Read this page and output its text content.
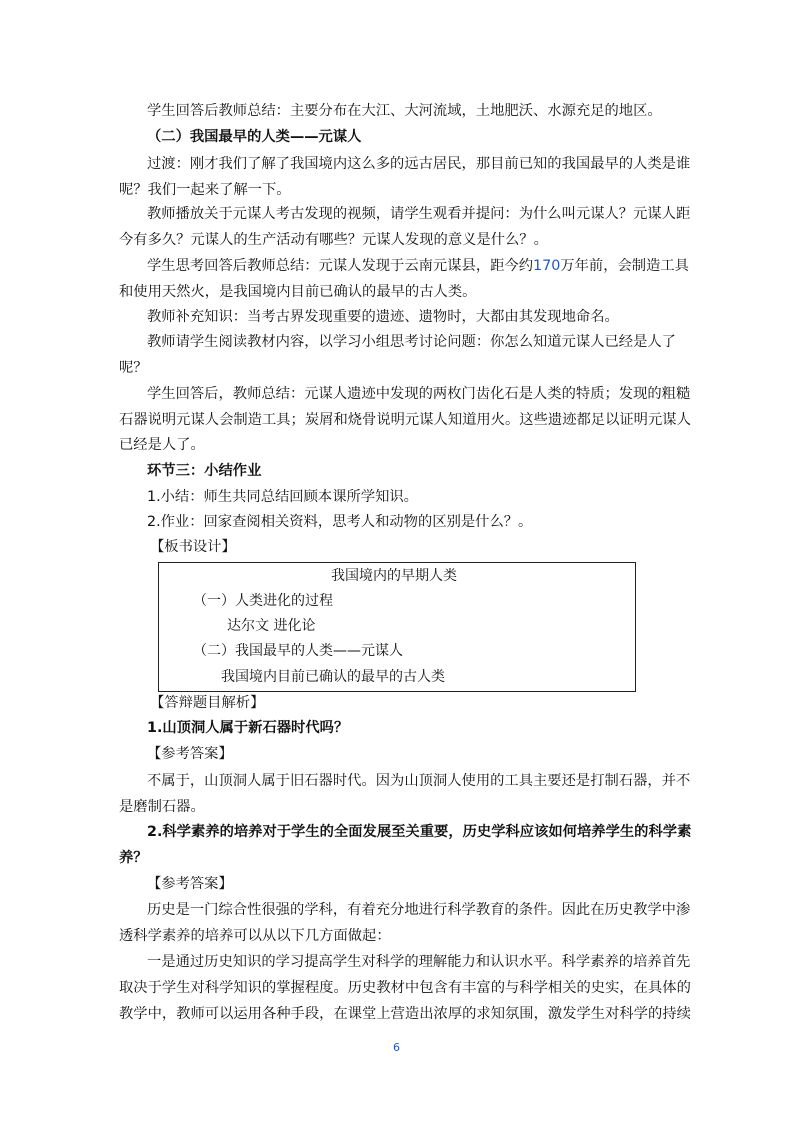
学生回答后教师总结：主要分布在大江、大河流域，土地肥沃、水源充足的地区。
（二）我国最早的人类——元谋人
过渡：刚才我们了解了我国境内这么多的远古居民，那目前已知的我国最早的人类是谁
呢？我们一起来了解一下。
教师播放关于元谋人考古发现的视频，请学生观看并提问：为什么叫元谋人？元谋人距
今有多久？元谋人的生产活动有哪些？元谋人发现的意义是什么？。
学生思考回答后教师总结：元谋人发现于云南元谋县，距今约170万年前，会制造工具
和使用天然火，是我国境内目前已确认的最早的古人类。
教师补充知识：当考古界发现重要的遗迹、遗物时，大都由其发现地命名。
教师请学生阅读教材内容，以学习小组思考讨论问题：你怎么知道元谋人已经是人了
呢？
学生回答后，教师总结：元谋人遗迹中发现的两枚门齿化石是人类的特质；发现的粗糙
石器说明元谋人会制造工具；炭屑和烧骨说明元谋人知道用火。这些遗迹都足以证明元谋人
已经是人了。
环节三：小结作业
1.小结：师生共同总结回顾本课所学知识。
2.作业：回家查阅相关资料，思考人和动物的区别是什么？。
【板书设计】
我国境内的早期人类
（一）人类进化的过程
达尔文 进化论
（二）我国最早的人类——元谋人
我国境内目前已确认的最早的古人类
【答辩题目解析】
1.山顶洞人属于新石器时代吗？
【参考答案】
不属于，山顶洞人属于旧石器时代。因为山顶洞人使用的工具主要还是打制石器，并不
是磨制石器。
2.科学素养的培养对于学生的全面发展至关重要，历史学科应该如何培养学生的科学素
养？
【参考答案】
历史是一门综合性很强的学科，有着充分地进行科学教育的条件。因此在历史教学中渗
透科学素养的培养可以从以下几方面做起：
一是通过历史知识的学习提高学生对科学的理解能力和认识水平。科学素养的培养首先
取决于学生对科学知识的掌握程度。历史教材中包含有丰富的与科学相关的史实，在具体的
教学中，教师可以运用各种手段，在课堂上营造出浓厚的求知氛围，激发学生对科学的持续
6
